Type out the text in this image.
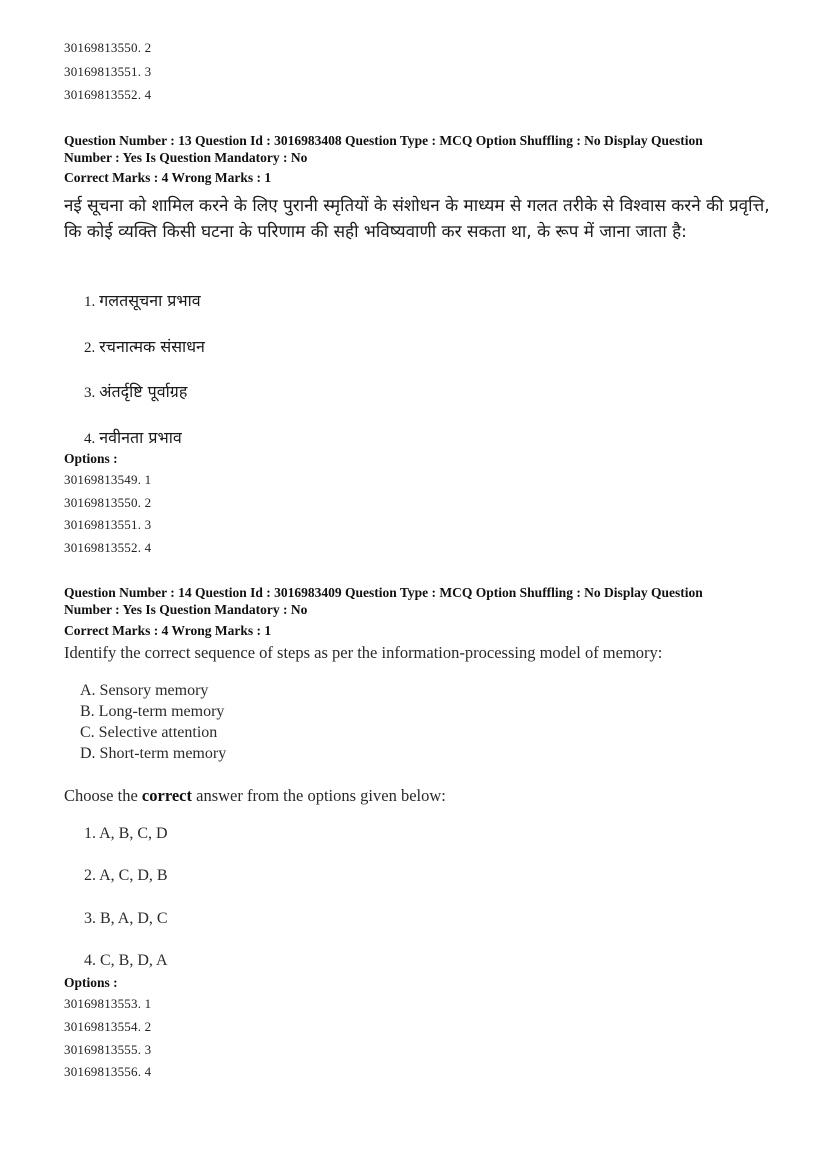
30169813550. 2
30169813551. 3
30169813552. 4
Question Number : 13 Question Id : 3016983408 Question Type : MCQ Option Shuffling : No Display Question
Number : Yes Is Question Mandatory : No
Correct Marks : 4 Wrong Marks : 1
नई सूचना को शामिल करने के लिए पुरानी स्मृतियों के संशोधन के माध्यम से गलत तरीके से विश्वास करने की प्रवृत्ति, कि कोई व्यक्ति किसी घटना के परिणाम की सही भविष्यवाणी कर सकता था, के रूप में जाना जाता है:
1. गलतसूचना प्रभाव
2. रचनात्मक संसाधन
3. अंतर्दृष्टि पूर्वाग्रह
4. नवीनता प्रभाव
Options :
30169813549. 1
30169813550. 2
30169813551. 3
30169813552. 4
Question Number : 14 Question Id : 3016983409 Question Type : MCQ Option Shuffling : No Display Question
Number : Yes Is Question Mandatory : No
Correct Marks : 4 Wrong Marks : 1
Identify the correct sequence of steps as per the information-processing model of memory:
A. Sensory memory
B. Long-term memory
C. Selective attention
D. Short-term memory
Choose the correct answer from the options given below:
1. A, B, C, D
2. A, C, D, B
3. B, A, D, C
4. C, B, D, A
Options :
30169813553. 1
30169813554. 2
30169813555. 3
30169813556. 4
